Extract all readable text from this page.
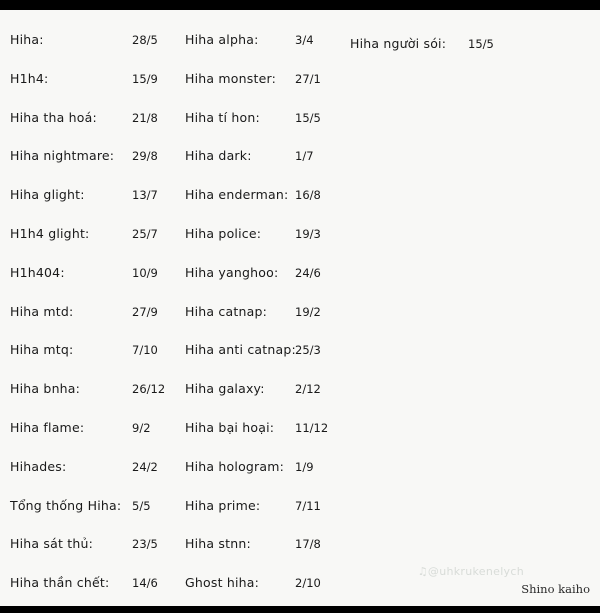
Hiha:	28/5
H1h4:	15/9
Hiha tha hoá:	21/8
Hiha nightmare: 29/8
Hiha glight:	13/7
H1h4 glight:	25/7
H1h404:	10/9
Hiha mtd:	27/9
Hiha mtq:	7/10
Hiha bnha:	26/12
Hiha flame:	9/2
Hihades:	24/2
Tổng thống Hiha: 5/5
Hiha sát thủ:	23/5
Hiha thần chết: 14/6
Hiha alpha:	3/4
Hiha monster: 27/1
Hiha tí hon:	15/5
Hiha dark:	1/7
Hiha enderman: 16/8
Hiha police:	19/3
Hiha yanghoo: 24/6
Hiha catnap: 19/2
Hiha anti catnap: 25/3
Hiha galaxy:	2/12
Hiha bại hoại: 11/12
Hiha hologram: 1/9
Hiha prime:	7/11
Hiha stnn:	17/8
Ghost hiha:	2/10
Hiha người sói: 15/5
♫@uhkrukenelych
Shino kaiho
